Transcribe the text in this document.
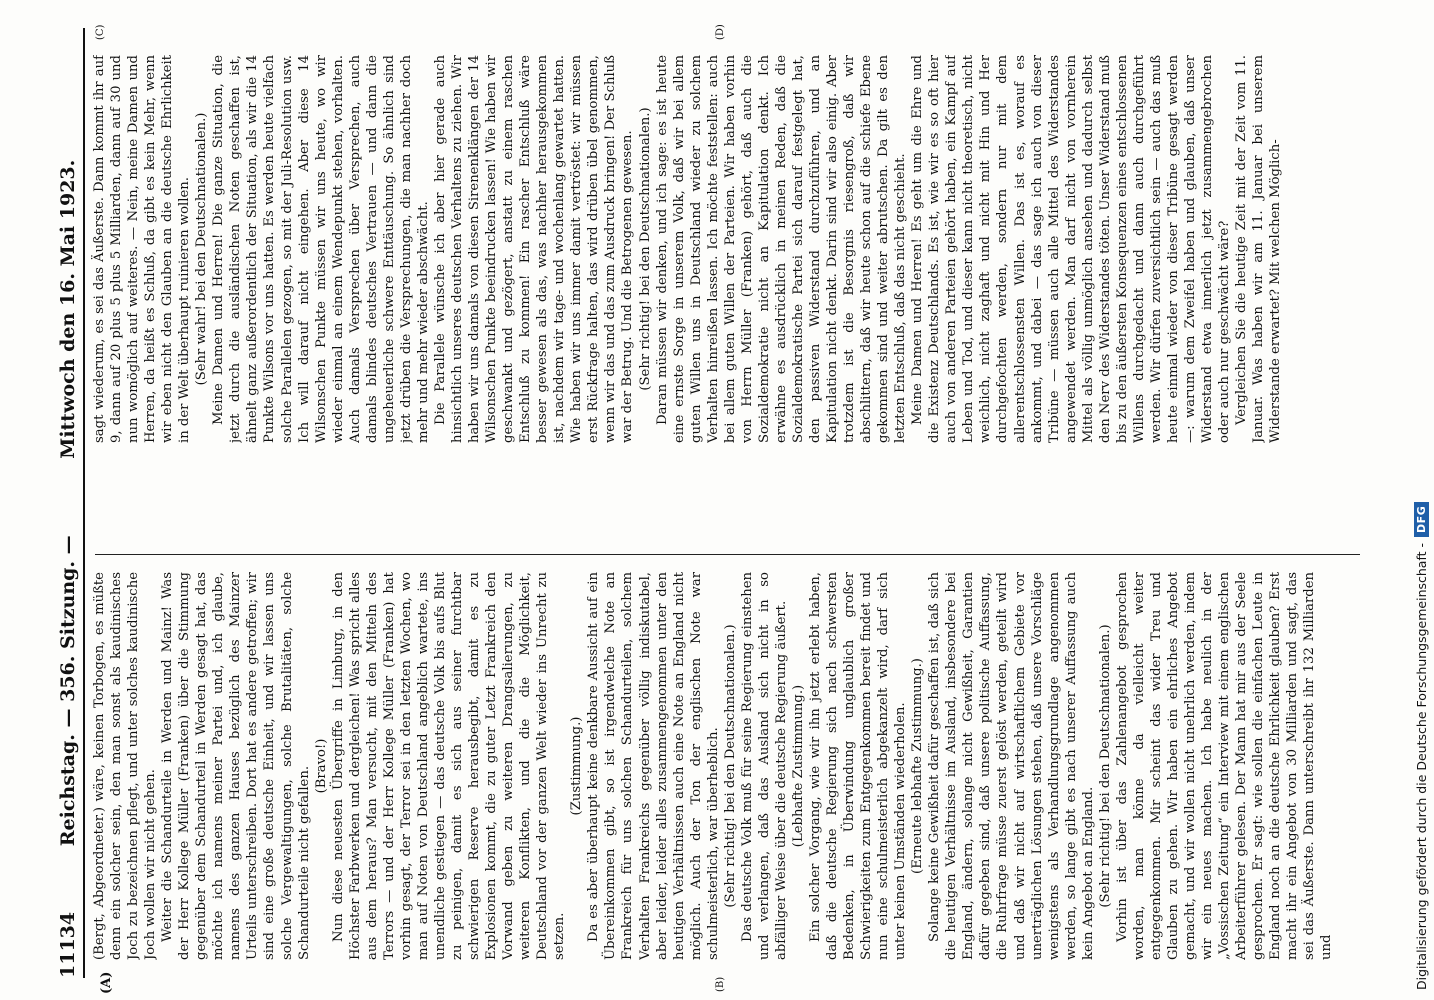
11134
Reichstag. — 356. Sitzung. — Mittwoch den 16. Mai 1923.
(A)	(B)
(D)
(C)

(Bergt, Abgeordneter.) wäre, keinen Torbogen, es müßte denn ein solcher sein, den man sonst als kaudinisches Joch zu bezeichnen pflegt, und unter solches kaudinische Joch wollen wir nicht gehen. Weiter die Schandurteile in Werden und Mainz! Was der Herr Kollege Müller (Franken) über die Stimmung gegenüber dem Schandurteil in Werden gesagt hat, das möchte ich namens meiner Partei und, ich glaube, namens des ganzen Hauses bezüglich des Mainzer Urteils unterschreiben. Dort hat es andere getroffen; wir sind eine große deutsche Einheit, und wir lassen uns solche Vergewaltigungen, solche Brutalitäten, solche Schandurteile nicht gefallen. (Bravo!) Nun diese neuesten Übergriffe in Limburg, in den Höchster Farbwerken und dergleichen! Was spricht alles aus dem heraus? Man versucht, mit den Mitteln des Terrors — und der Herr Kollege Müller (Franken) hat vorhin gesagt, der Terror sei in den letzten Wochen, wo man auf Noten von Deutschland angeblich wartete, ins unendliche gestiegen — das deutsche Volk bis aufs Blut zu peinigen, damit es sich aus seiner furchtbar schwierigen Reserve herausbegibt, damit es zu Explosionen kommt, die zu guter Letzt Frankreich den Vorwand geben zu weiteren Drangsalierungen, zu weiteren Konflikten, und die die Möglichkeit, Deutschland vor der ganzen Welt wieder ins Unrecht zu setzen.

(Zustimmung.) Da es aber überhaupt keine denkbare Aussicht auf ein Übereinkommen gibt, so ist irgendwelche Note an Frankreich für uns solchen Schandurteilen, solchem Verhalten Frankreichs gegenüber völlig indiskutabel, aber leider, leider alles zusammengenommen unter den heutigen Verhältnissen auch eine Note an England nicht möglich. Auch der Ton der englischen Note war schulmeisterlich, war überheblich. (Sehr richtig! bei den Deutschnationalen.) Das deutsche Volk muß für seine Regierung einstehen und verlangen, daß das Ausland sich nicht in so abfälliger Weise über die deutsche Regierung äußert. (Lebhafte Zustimmung.) Ein solcher Vorgang, wie wir ihn jetzt erlebt haben, daß die deutsche Regierung sich nach schwersten Bedenken, in Überwindung unglaublich großer Schwierigkeiten zum Entgegenkommen bereit findet und nun eine schulmeisterlich abgekanzelt wird, darf sich unter keinen Umständen wiederholen. (Erneute lebhafte Zustimmung.) Solange keine Gewißheit dafür geschaffen ist, daß sich die heutigen Verhältnisse im Ausland, insbesondere bei England, ändern, solange nicht Gewißheit, Garantien dafür gegeben sind, daß unsere politische Auffassung, die Ruhrfrage müsse zuerst gelöst werden, geteilt wird und daß wir nicht auf wirtschaftlichem Gebiete vor unerträglichen Lösungen stehen, daß unsere Vorschläge wenigstens als Verhandlungsgrundlage angenommen werden, so lange gibt es nach unserer Auffassung auch kein Angebot an England. (Sehr richtig! bei den Deutschnationalen.) Vorhin ist über das Zahlenangebot gesprochen worden, man könne da vielleicht weiter entgegenkommen. Mir scheint das wider Treu und Glauben zu gehen. Wir haben ein ehrliches Angebot gemacht, und wir wollen nicht unehrlich werden, indem wir ein neues machen. Ich habe neulich in der „Vossischen Zeitung“ ein Interview mit einem englischen Arbeiterführer gelesen. Der Mann hat mir aus der Seele gesprochen. Er sagt: wie sollen die einfachen Leute in England noch an die deutsche Ehrlichkeit glauben? Erst macht ihr ein Angebot von 30 Milliarden und sagt, das sei das Äußerste. Dann unterschreibt ihr 132 Milliarden und

sagt wiederum, es sei das Äußerste. Dann kommt ihr auf 9, dann auf 20 plus 5 plus 5 Milliarden, dann auf 30 und nun womöglich auf weiteres. — Nein, meine Damen und Herren, da heißt es Schluß, da gibt es kein Mehr, wenn wir eben nicht den Glauben an die deutsche Ehrlichkeit in der Welt überhaupt ruinieren wollen. (Sehr wahr! bei den Deutschnationalen.) Meine Damen und Herren! Die ganze Situation, die jetzt durch die ausländischen Noten geschaffen ist, ähnelt ganz außerordentlich der Situation, als wir die 14 Punkte Wilsons vor uns hatten. Es werden heute vielfach solche Parallelen gezogen, so mit der Juli-Resolution usw. Ich will darauf nicht eingehen. Aber diese 14 Wilsonschen Punkte müssen wir uns heute, wo wir wieder einmal an einem Wendepunkt stehen, vorhalten. Auch damals Versprechen über Versprechen, auch damals blindes deutsches Vertrauen — und dann die ungeheuerliche schwere Enttäuschung. So ähnlich sind jetzt drüben die Versprechungen, die man nachher doch mehr und mehr wieder abschwächt. Die Parallele wünsche ich aber hier gerade auch hinsichtlich unseres deutschen Verhaltens zu ziehen. Wir haben wir uns damals von diesen Sirenenklängen der 14 Wilsonschen Punkte beeindrucken lassen! Wie haben wir geschwankt und gezögert, anstatt zu einem raschen Entschluß zu kommen! Ein rascher Entschluß wäre besser gewesen als das, was nachher herausgekommen ist, nachdem wir tage- und wochenlang gewartet hatten. Wie haben wir uns immer damit vertröstet: wir müssen erst Rückfrage halten, das wird drüben übel genommen, wenn wir das und das zum Ausdruck bringen! Der Schluß war der Betrug. Und die Betrogenen gewesen. (Sehr richtig! bei den Deutschnationalen.) Daran müssen wir denken, und ich sage: es ist heute eine ernste Sorge in unserem Volk, daß wir bei allem guten Willen uns in Deutschland wieder zu solchem Verhalten hinreißen lassen. Ich möchte feststellen: auch bei allem guten Willen der Parteien. Wir haben vorhin von Herrn Müller (Franken) gehört, daß auch die Sozialdemokratie nicht an Kapitulation denkt. Ich erwähne es ausdrücklich in meinen Reden, daß die Sozialdemokratische Partei sich darauf festgelegt hat, den passiven Widerstand durchzuführen, und an Kapitulation nicht denkt. Darin sind wir also einig. Aber trotzdem ist die Besorgnis riesengroß, daß wir abschlittern, daß wir heute schon auf die schiefe Ebene gekommen sind und weiter abrutschen. Da gilt es den letzten Entschluß, daß das nicht geschieht. Meine Damen und Herren! Es geht um die Ehre und die Existenz Deutschlands. Es ist, wie wir es so oft hier auch von anderen Parteien gehört haben, ein Kampf auf Leben und Tod, und dieser kann nicht theoretisch, nicht weichlich, nicht zaghaft und nicht mit Hin und Her durchgefochten werden, sondern nur mit dem allerentschlossensten Willen. Das ist es, worauf es ankommt, und dabei — das sage ich auch von dieser Tribüne — müssen auch alle Mittel des Widerstandes angewendet werden. Man darf nicht von vornherein Mittel als völlig unmöglich ansehen und dadurch selbst den Nerv des Widerstandes töten. Unser Widerstand muß bis zu den äußersten Konsequenzen eines entschlossenen Willens durchgedacht und dann auch durchgeführt werden. Wir dürfen zuversichtlich sein — auch das muß heute einmal wieder von dieser Tribüne gesagt werden —: warum dem Zweifel haben und glauben, daß unser Widerstand etwa innerlich jetzt zusammengebrochen oder auch nur geschwächt wäre? Vergleichen Sie die heutige Zeit mit der Zeit vom 11. Januar. Was haben wir am 11. Januar bei unserem Widerstande erwartet? Mit welchen Möglich-

Digitalisierung gefördert durch die Deutsche Forschungsgemeinschaft -
DFG
